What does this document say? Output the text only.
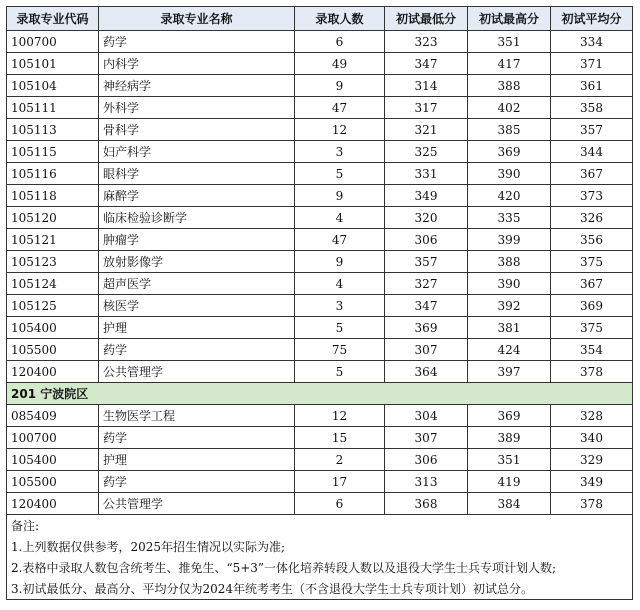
录取专业代码	录取专业名称	录取人数	初试最低分	初试最高分	初试平均分
100700	药学	6	323	351	334
105101	内科学	49	347	417	371
105104	神经病学	9	314	388	361
105111	外科学	47	317	402	358
105113	骨科学	12	321	385	357
105115	妇产科学	3	325	369	344
105116	眼科学	5	331	390	367
105118	麻醉学	9	349	420	373
105120	临床检验诊断学	4	320	335	326
105121	肿瘤学	47	306	399	356
105123	放射影像学	9	357	388	375
105124	超声医学	4	327	390	367
105125	核医学	3	347	392	369
105400	护理	5	369	381	375
105500	药学	75	307	424	354
120400	公共管理学	5	364	397	378
201 宁波院区					
085409	生物医学工程	12	304	369	328
100700	药学	15	307	389	340
105400	护理	2	306	351	329
105500	药学	17	313	419	349
120400	公共管理学	6	368	384	378
备注:					
1.上列数据仅供参考，2025年招生情况以实际为准;					
2.表格中录取人数包含统考生、推免生、“5+3”一体化培养转段人数以及退役大学生士兵专项计划人数;					
3.初试最低分、最高分、平均分仅为2024年统考考生（不含退役大学生士兵专项计划）初试总分。					
